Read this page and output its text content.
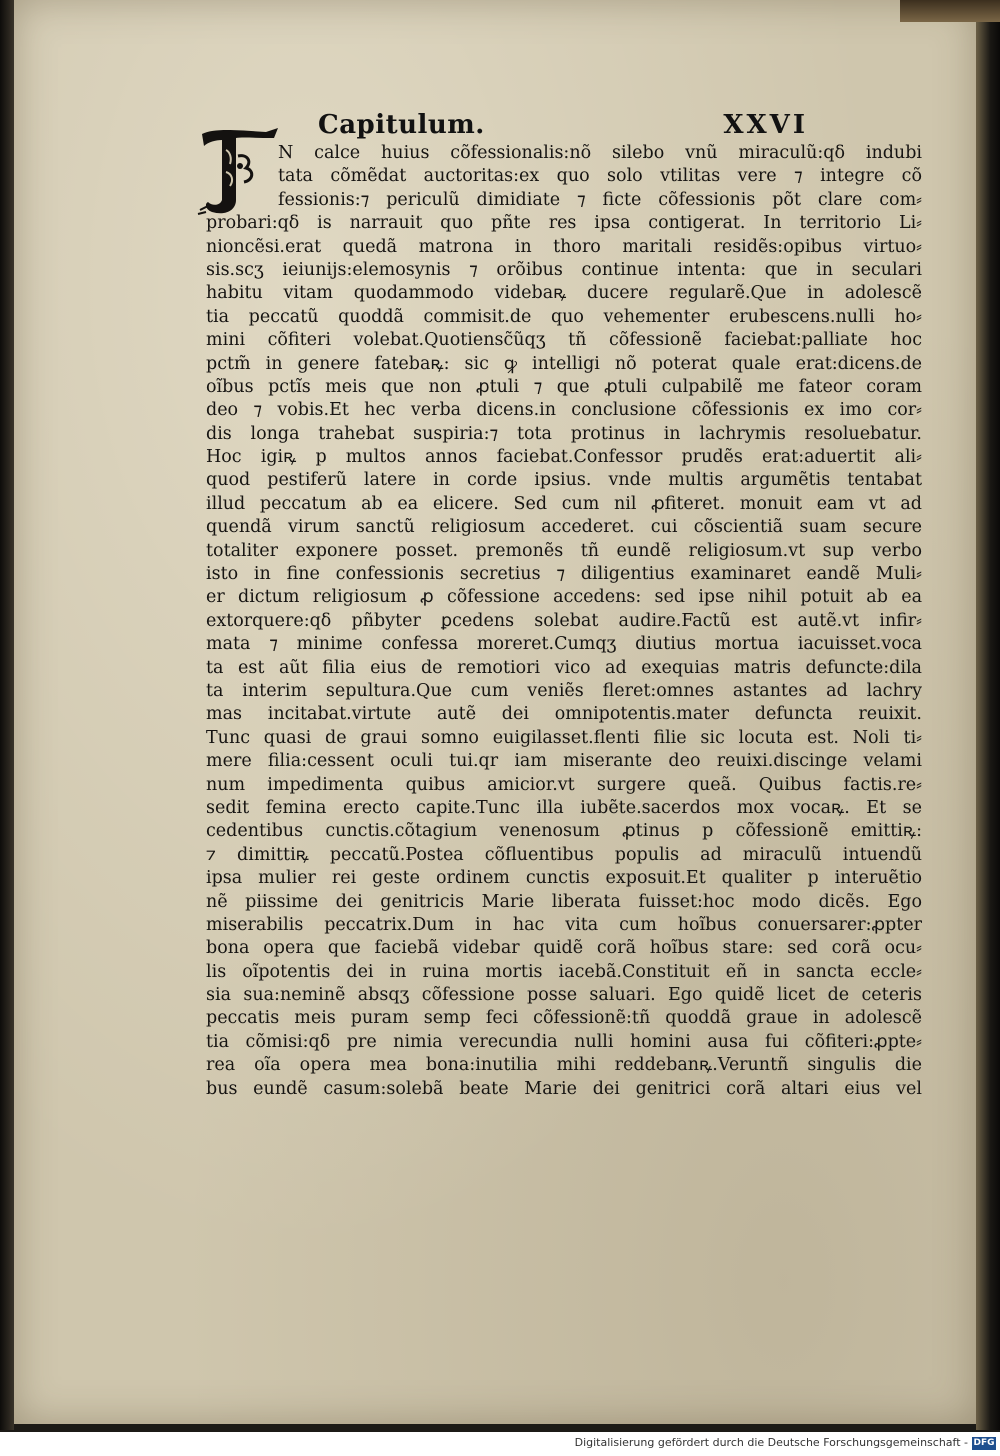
Capitulum.	XXVI
N calce huius cõfessionalis:nõ silebo vnũ miraculũ:qδ indubi
tata cõmẽdat auctoritas:ex quo solo vtilitas vere ⁊ integre cõ
fessionis:⁊ periculũ dimidiate ⁊ ficte cõfessionis põt clare com⸗
probari:qδ is narrauit quo pñte res ipsa contigerat. In territorio Li⸗
nioncẽsi.erat quedã matrona in thoro maritali residẽs:opibus virtuo⸗
sis.scʒ ieiunijs:elemosynis ⁊ orõibus continue intenta: que in seculari
habitu vitam quodammodo videbaꝶ ducere regularẽ.Que in adolescẽ
tia peccatũ quoddã commisit.de quo vehementer erubescens.nulli ho⸗
mini cõfiteri volebat.Quotiensc̃ũqʒ tñ cõfessionẽ faciebat:palliate hoc
pctm̃ in genere fatebaꝶ: sic ꝙ intelligi nõ poterat quale erat:dicens.de
oĩbus pctĩs meis que non ꝓtuli ⁊ que ꝓtuli culpabilẽ me fateor coram
deo ⁊ vobis.Et hec verba dicens.in conclusione cõfessionis ex imo cor⸗
dis longa trahebat suspiria:⁊ tota protinus in lachrymis resoluebatur.
Hoc igiꝶ p multos annos faciebat.Confessor prudẽs erat:aduertit ali⸗
quod pestiferũ latere in corde ipsius. vnde multis argumẽtis tentabat
illud peccatum ab ea elicere. Sed cum nil ꝓfiteret. monuit eam vt ad
quendã virum sanctũ religiosum accederet. cui cõscientiã suam secure
totaliter exponere posset. premonẽs tñ eundẽ religiosum.vt sup verbo
isto in fine confessionis secretius ⁊ diligentius examinaret eandẽ Muli⸗
er dictum religiosum ꝓ cõfessione accedens: sed ipse nihil potuit ab ea
extorquere:qδ pñbyter ꝑcedens solebat audire.Factũ est autẽ.vt infir⸗
mata ⁊ minime confessa moreret.Cumqʒ diutius mortua iacuisset.voca
ta est aũt filia eius de remotiori vico ad exequias matris defuncte:dila
ta interim sepultura.Que cum veniẽs fleret:omnes astantes ad lachry
mas incitabat.virtute autẽ dei omnipotentis.mater defuncta reuixit.
Tunc quasi de graui somno euigilasset.flenti filie sic locuta est. Noli ti⸗
mere filia:cessent oculi tui.qr iam miserante deo reuixi.discinge velami
num impedimenta quibus amicior.vt surgere queã. Quibus factis.re⸗
sedit femina erecto capite.Tunc illa iubẽte.sacerdos mox vocaꝶ. Et se
cedentibus cunctis.cõtagium venenosum ꝓtinus p cõfessionẽ emittiꝶ:
⁊ dimittiꝶ peccatũ.Postea cõfluentibus populis ad miraculũ intuendũ
ipsa mulier rei geste ordinem cunctis exposuit.Et qualiter p interuẽtio
nẽ piissime dei genitricis Marie liberata fuisset:hoc modo dicẽs. Ego
miserabilis peccatrix.Dum in hac vita cum hoĩbus conuersarer:ꝓpter
bona opera que faciebã videbar quidẽ corã hoĩbus stare: sed corã ocu⸗
lis oĩpotentis dei in ruina mortis iacebã.Constituit eñ in sancta eccle⸗
sia sua:neminẽ absqʒ cõfessione posse saluari. Ego quidẽ licet de ceteris
peccatis meis puram semp feci cõfessionẽ:tñ quoddã graue in adolescẽ
tia cõmisi:qδ pre nimia verecundia nulli homini ausa fui cõfiteri:ꝓpte⸗
rea oĩa opera mea bona:inutilia mihi reddebanꝶ.Veruntñ singulis die
bus eundẽ casum:solebã beate Marie dei genitrici corã altari eius vel
Digitalisierung gefördert durch die Deutsche Forschungsgemeinschaft - DFG
